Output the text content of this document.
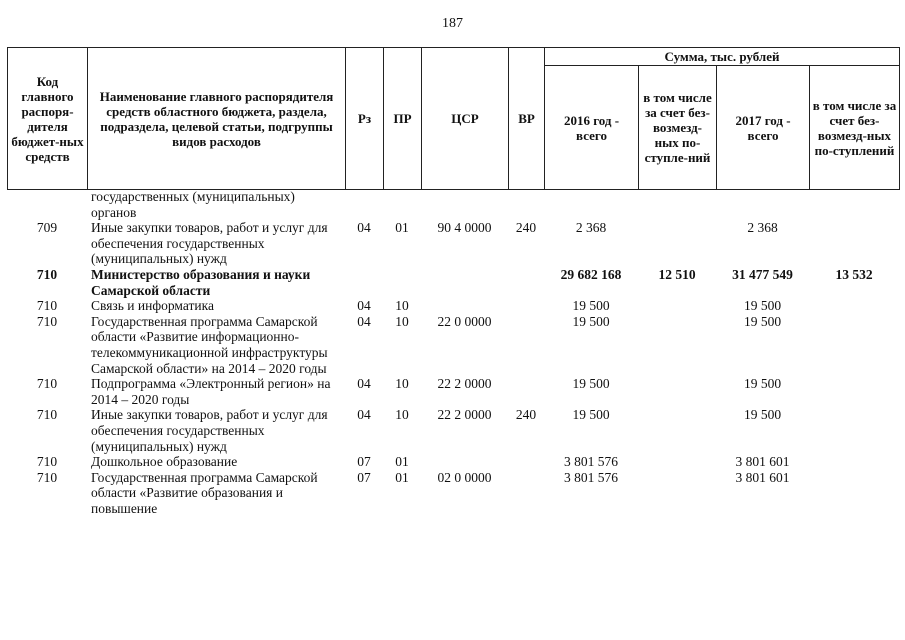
187
Код главного распоря-дителя бюджет-ных средств	Наименование главного распорядителя средств областного бюджета, раздела, подраздела, целевой статьи, подгруппы видов расходов	Рз	ПР	ЦСР	ВР	Сумма, тыс. рублей			
						2016 год - всего	в том числе за счет без-возмезд-ных по-ступле-ний	2017 год - всего	в том числе за счет без-возмезд-ных по-ступлений
	государственных (муниципальных) органов								
709	Иные закупки товаров, работ и услуг для обеспечения государственных (муниципальных) нужд	04	01	90 4 0000	240	2 368		2 368	
710	Министерство образования и науки Самарской области					29 682 168	12 510	31 477 549	13 532
710	Связь и информатика	04	10			19 500		19 500	
710	Государственная программа Самарской области «Развитие информационно-телекоммуникационной инфраструктуры Самарской области» на 2014 – 2020 годы	04	10	22 0 0000		19 500		19 500	
710	Подпрограмма «Электронный регион» на 2014 – 2020 годы	04	10	22 2 0000		19 500		19 500	
710	Иные закупки товаров, работ и услуг для обеспечения государственных (муниципальных) нужд	04	10	22 2 0000	240	19 500		19 500	
710	Дошкольное образование	07	01			3 801 576		3 801 601	
710	Государственная программа Самарской области «Развитие образования и повышение	07	01	02 0 0000		3 801 576		3 801 601	
